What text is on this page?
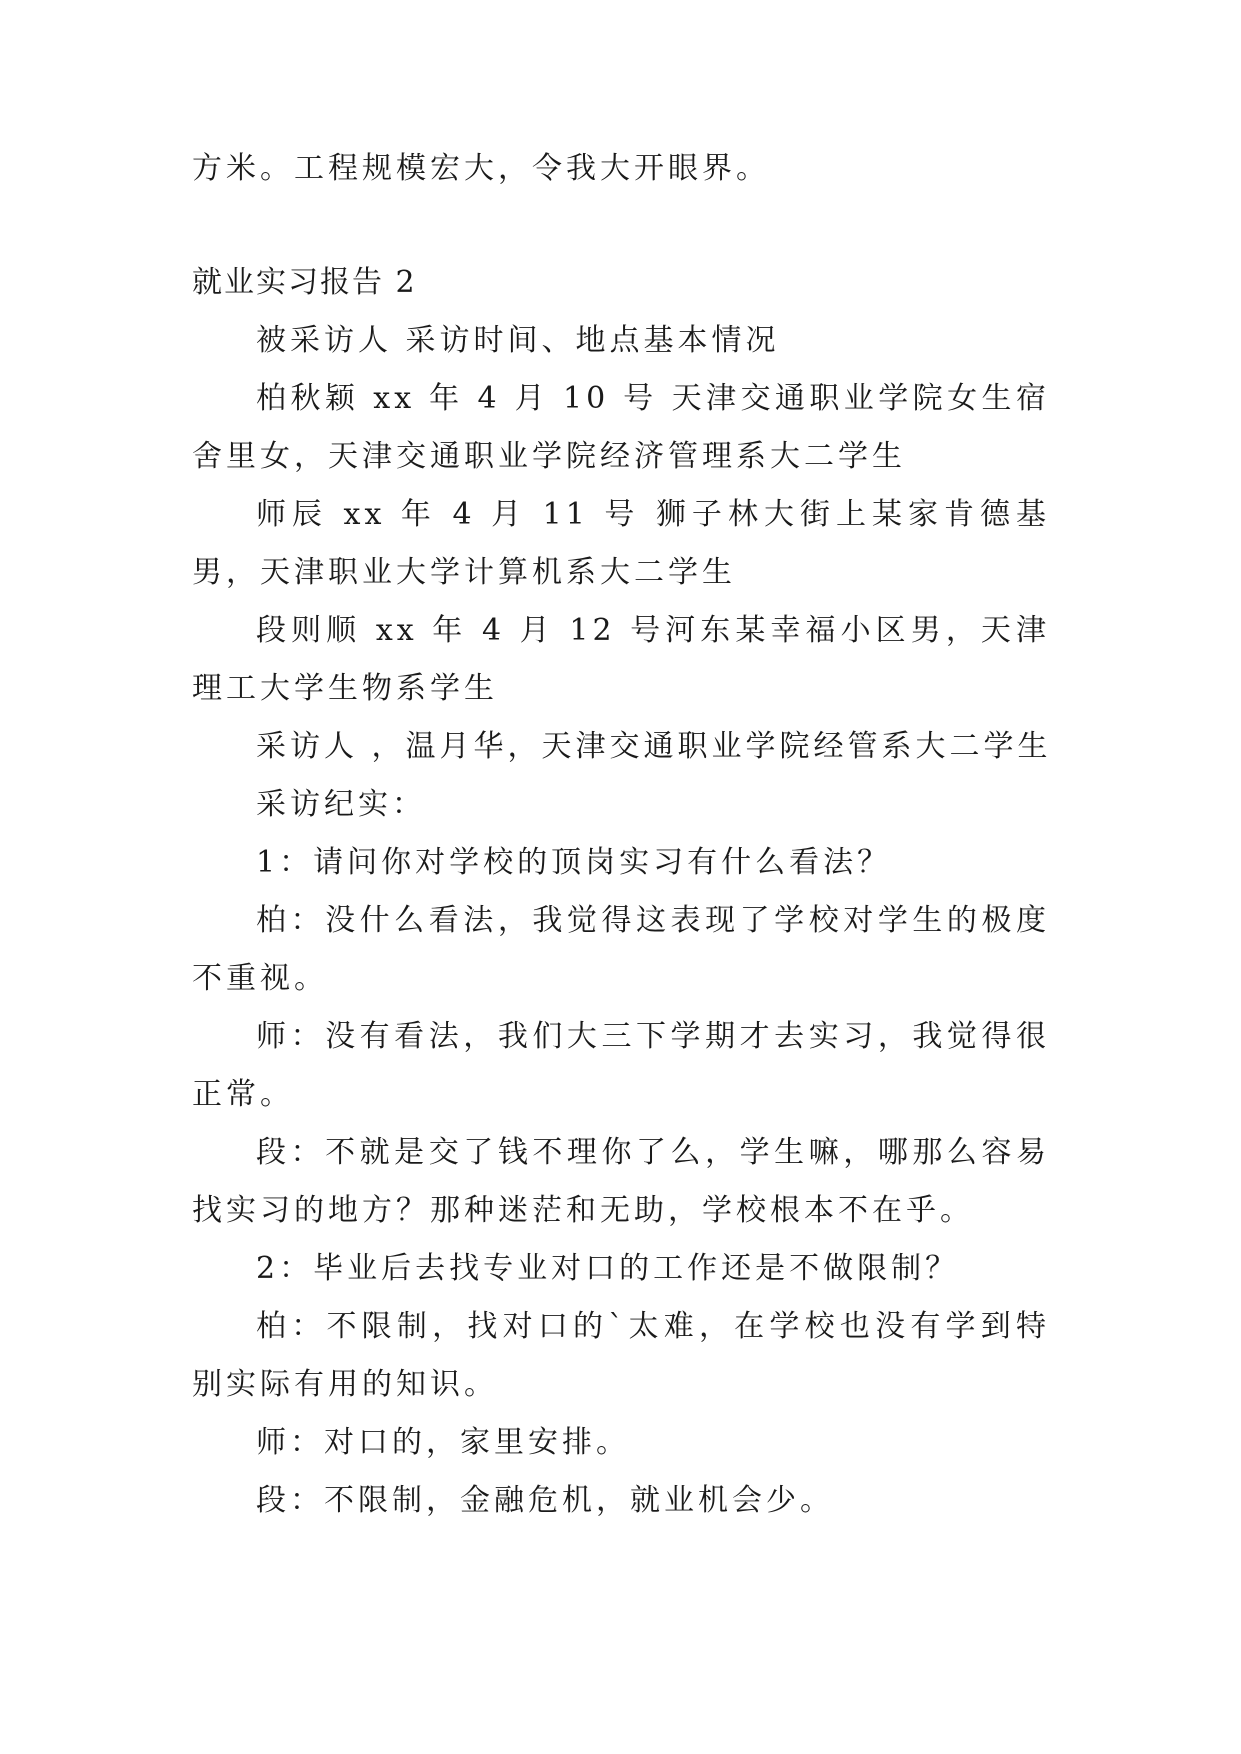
方米。工程规模宏大，令我大开眼界。
就业实习报告 2
被采访人 采访时间、地点基本情况
柏秋颖 xx 年 4 月 10 号 天津交通职业学院女生宿舍里女，天津交通职业学院经济管理系大二学生
师辰 xx 年 4 月 11 号 狮子林大街上某家肯德基 男，天津职业大学计算机系大二学生
段则顺 xx 年 4 月 12 号河东某幸福小区男，天津理工大学生物系学生
采访人 ，温月华，天津交通职业学院经管系大二学生
采访纪实：
1：请问你对学校的顶岗实习有什么看法？
柏：没什么看法，我觉得这表现了学校对学生的极度不重视。
师：没有看法，我们大三下学期才去实习，我觉得很正常。
段：不就是交了钱不理你了么，学生嘛，哪那么容易找实习的地方？那种迷茫和无助，学校根本不在乎。
2：毕业后去找专业对口的工作还是不做限制？
柏：不限制，找对口的`太难，在学校也没有学到特别实际有用的知识。
师：对口的，家里安排。
段：不限制，金融危机，就业机会少。
